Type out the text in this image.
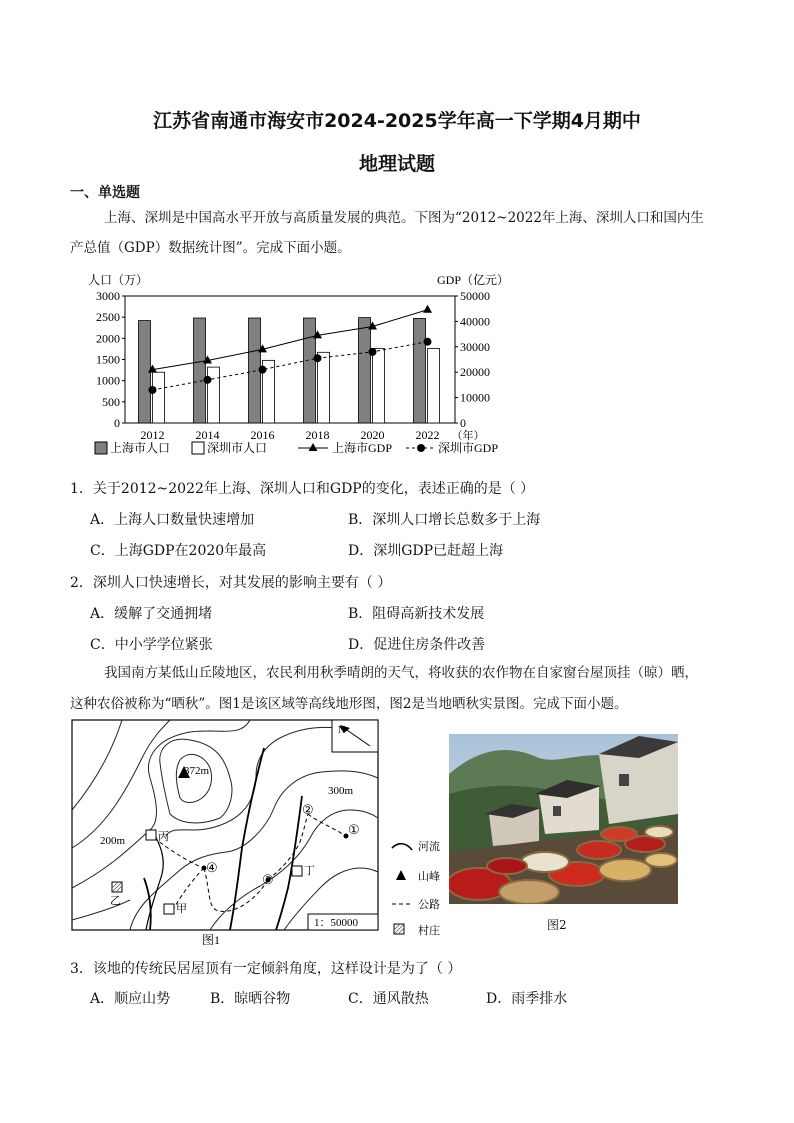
江苏省南通市海安市2024-2025学年高一下学期4月期中
地理试题
一、单选题
上海、深圳是中国高水平开放与高质量发展的典范。下图为“2012~2022年上海、深圳人口和国内生
产总值（GDP）数据统计图”。完成下面小题。
人口（万）	GDP（亿元）
0
500
1000
1500
2000
2500
3000
0
10000
20000
30000
40000
50000
2012	2014	2016	2018	2020	2022 （年）
上海市人口	深圳市人口	上海市GDP	深圳市GDP
1．关于2012~2022年上海、深圳人口和GDP的变化，表述正确的是（ ）
A．上海人口数量快速增加	B．深圳人口增长总数多于上海
C．上海GDP在2020年最高	D．深圳GDP已赶超上海
2．深圳人口快速增长，对其发展的影响主要有（ ）
A．缓解了交通拥堵	B．阻碍高新技术发展
C．中小学学位紧张	D．促进住房条件改善
我国南方某低山丘陵地区，农民利用秋季晴朗的天气，将收获的农作物在自家窗台屋顶挂（晾）晒，
这种农俗被称为“晒秋”。图1是该区域等高线地形图，图2是当地晒秋实景图。完成下面小题。
372m
300m
200m
N
①
②
③
④
丙
乙
甲
丁
1：50000
图1
河流
山峰
公路
村庄	图2
3．该地的传统民居屋顶有一定倾斜角度，这样设计是为了（ ）
A．顺应山势	B．晾晒谷物	C．通风散热	D．雨季排水
